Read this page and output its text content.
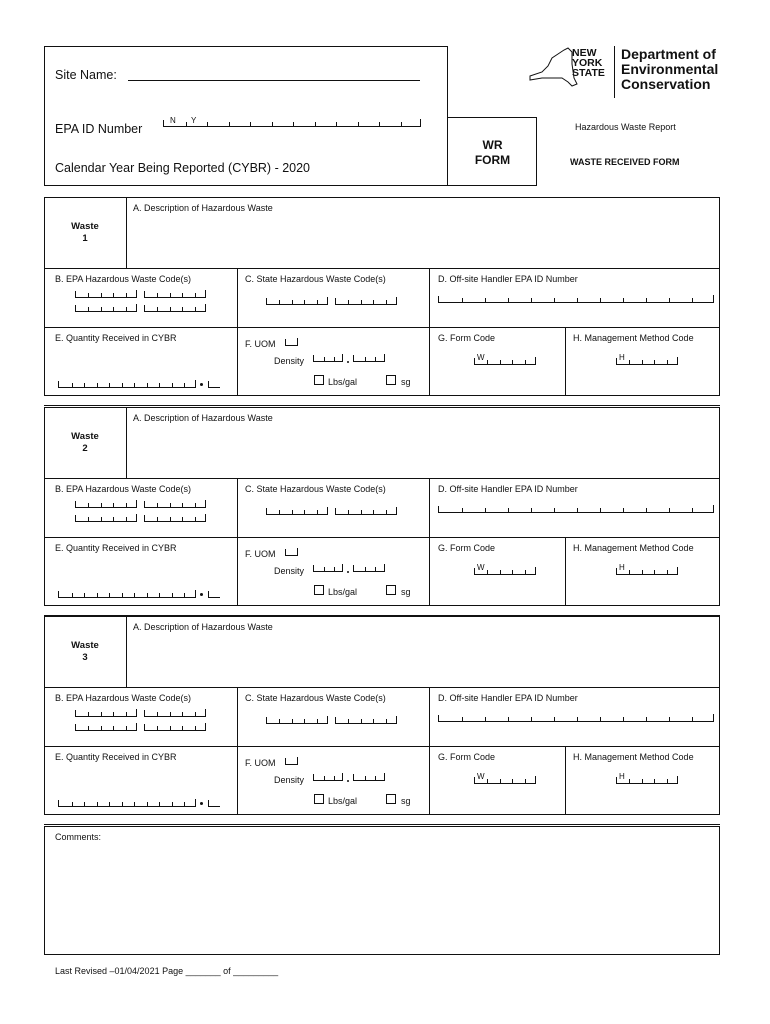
Site Name:
EPA ID Number
N Y
Calendar Year Being Reported (CYBR) - 2020
WR
FORM
NEW
YORK
STATE
Department of
Environmental
Conservation
Hazardous Waste Report
WASTE RECEIVED FORM
Waste
1
A. Description of Hazardous Waste
B. EPA Hazardous Waste Code(s)	C. State Hazardous Waste Code(s)	D. Off-site Handler EPA ID Number
E. Quantity Received in CYBR
F. UOM
Density
Lbs/gal	sg
G. Form Code
W
H. Management Method Code
H
Waste
2
A. Description of Hazardous Waste
B. EPA Hazardous Waste Code(s)	C. State Hazardous Waste Code(s)	D. Off-site Handler EPA ID Number
E. Quantity Received in CYBR
F. UOM
Density
Lbs/gal	sg
G. Form Code
W
H. Management Method Code
H
Waste
3
A. Description of Hazardous Waste
B. EPA Hazardous Waste Code(s)	C. State Hazardous Waste Code(s)	D. Off-site Handler EPA ID Number
E. Quantity Received in CYBR
F. UOM
Density
Lbs/gal	sg
G. Form Code
W
H. Management Method Code
H
Comments:
Last Revised –01/04/2021 Page _______ of _________
